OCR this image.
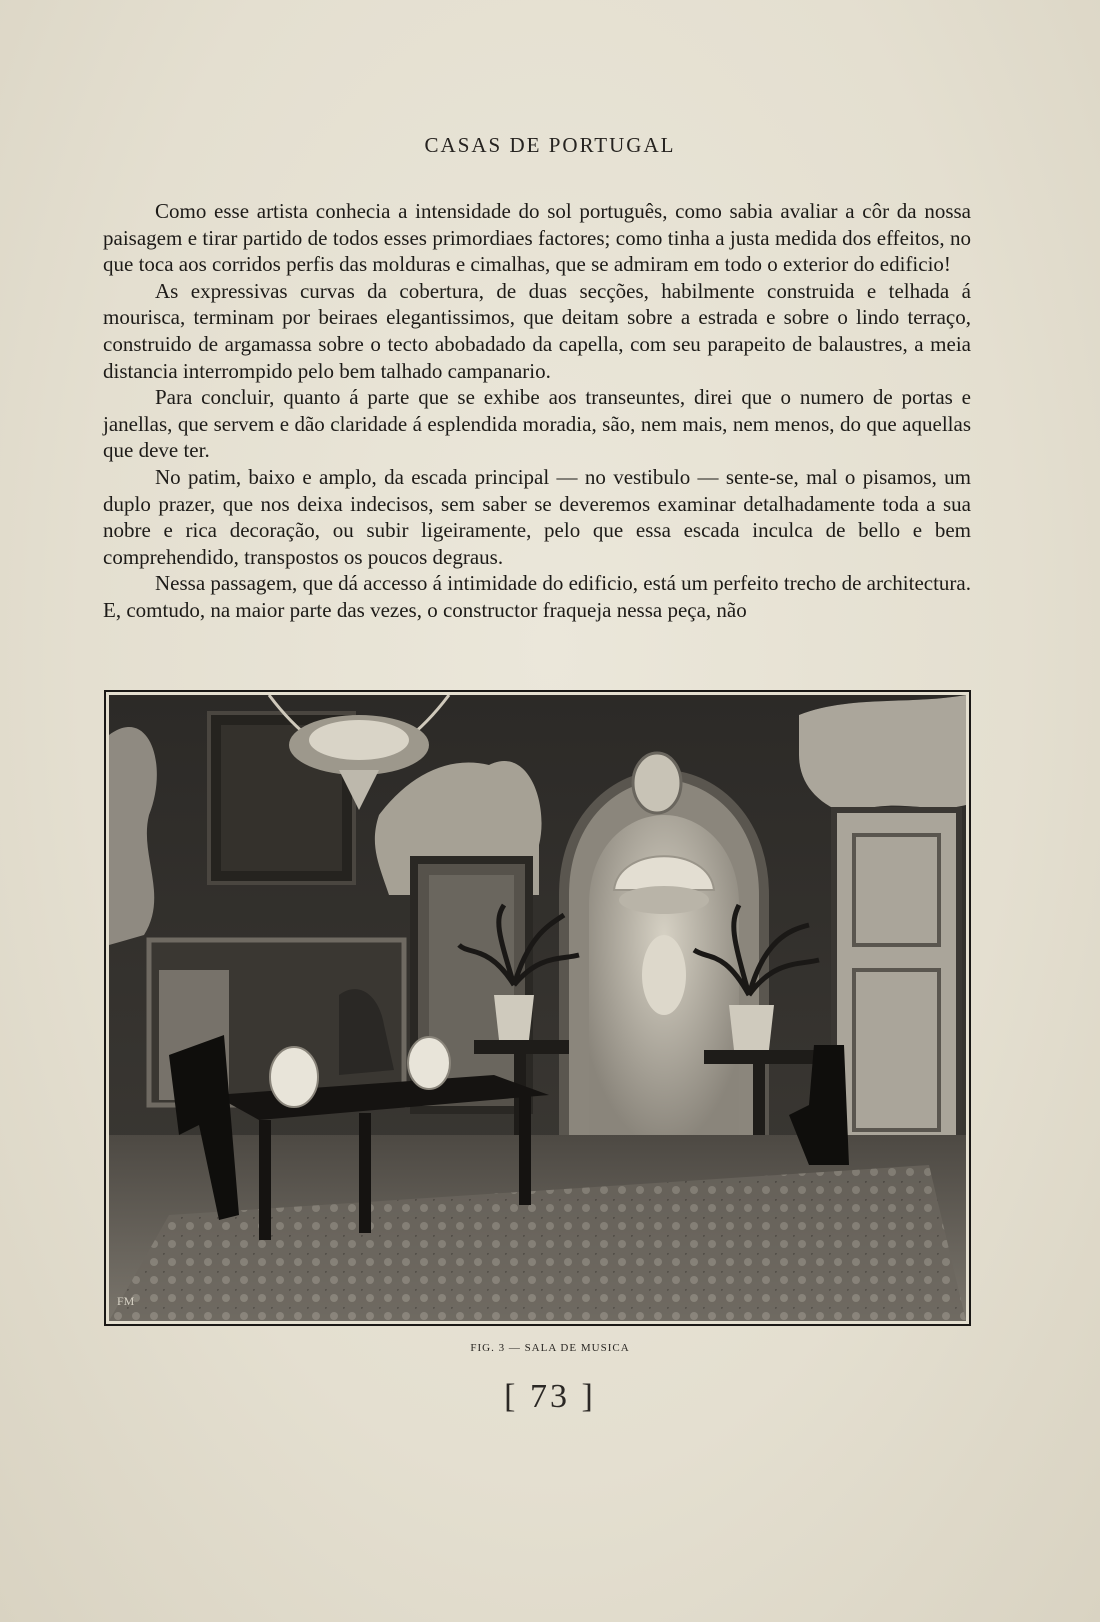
CASAS DE PORTUGAL

Como esse artista conhecia a intensidade do sol português, como sabia avaliar a côr da nossa paisagem e tirar partido de todos esses primordiaes factores; como tinha a justa medida dos effeitos, no que toca aos corridos perfis das molduras e cimalhas, que se admiram em todo o exterior do edificio!

As expressivas curvas da cobertura, de duas secções, habilmente construida e telhada á mourisca, terminam por beiraes elegantissimos, que deitam sobre a estrada e sobre o lindo terraço, construido de argamassa sobre o tecto abobadado da capella, com seu parapeito de balaustres, a meia distancia interrompido pelo bem talhado campanario.

Para concluir, quanto á parte que se exhibe aos transeuntes, direi que o numero de portas e janellas, que servem e dão claridade á esplendida moradia, são, nem mais, nem menos, do que aquellas que deve ter.

No patim, baixo e amplo, da escada principal — no vestibulo — sente-se, mal o pisamos, um duplo prazer, que nos deixa indecisos, sem saber se deveremos examinar detalhadamente toda a sua nobre e rica decoração, ou subir ligeiramente, pelo que essa escada inculca de bello e bem comprehendido, transpostos os poucos degraus.

Nessa passagem, que dá accesso á intimidade do edificio, está um perfeito trecho de architectura. E, comtudo, na maior parte das vezes, o constructor fraqueja nessa peça, não

FM
FIG. 3 — SALA DE MUSICA
[ 73 ]
